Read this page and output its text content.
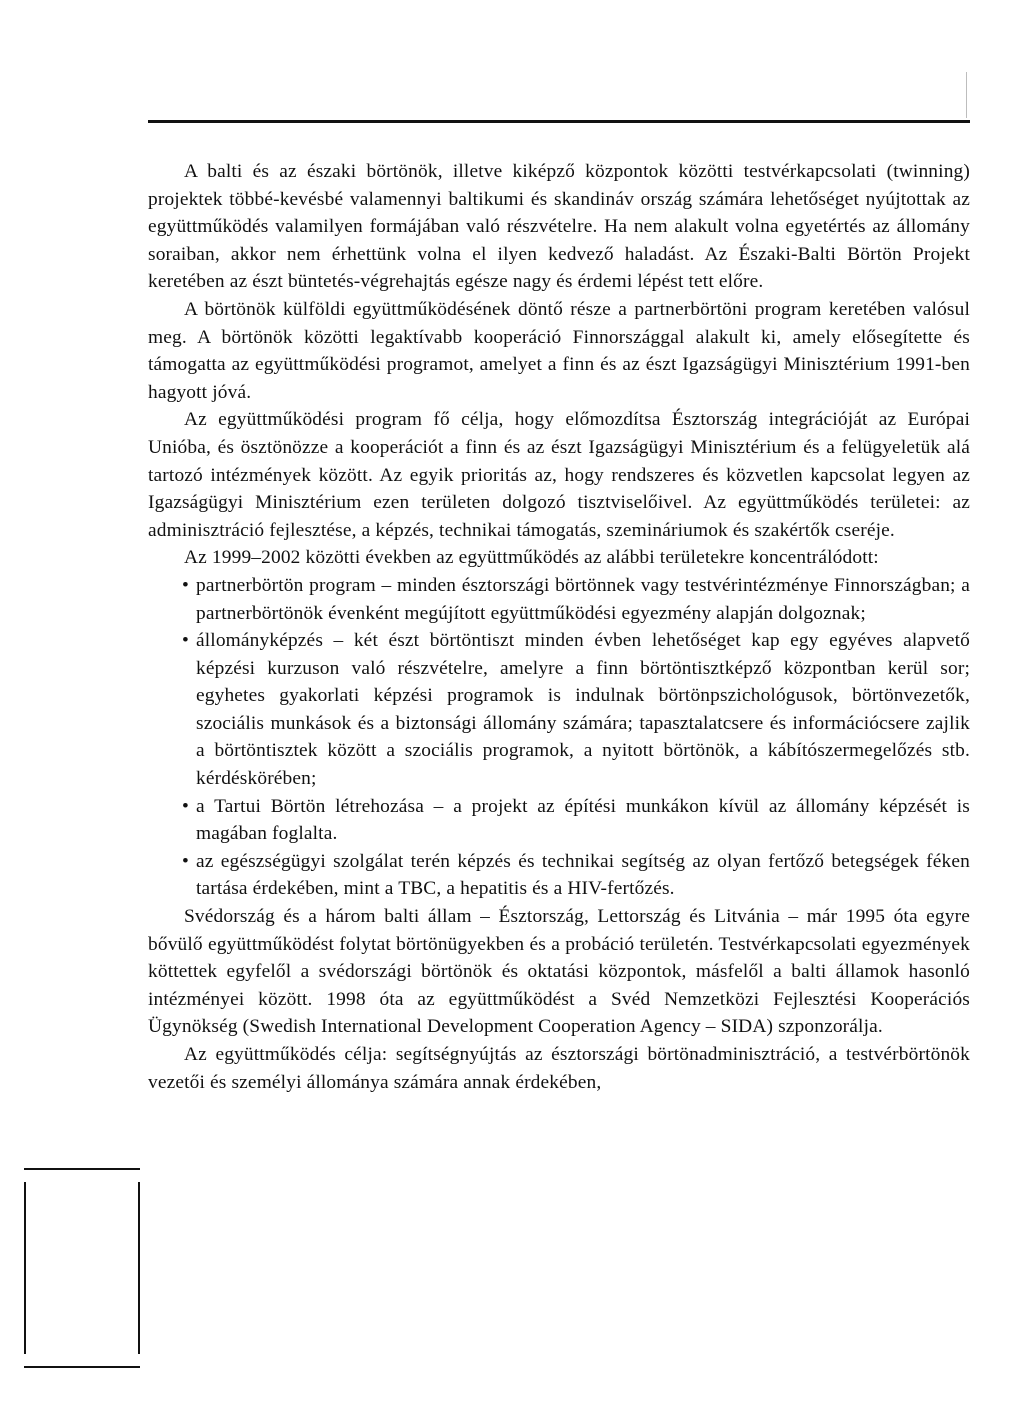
A balti és az északi börtönök, illetve kiképző központok közötti testvérkapcsolati (twinning) projektek többé-kevésbé valamennyi baltikumi és skandináv ország számára lehetőséget nyújtottak az együttműködés valamilyen formájában való részvételre. Ha nem alakult volna egyetértés az állomány soraiban, akkor nem érhettünk volna el ilyen kedvező haladást. Az Északi-Balti Börtön Projekt keretében az észt büntetés-végrehajtás egésze nagy és érdemi lépést tett előre.

A börtönök külföldi együttműködésének döntő része a partnerbörtöni program keretében valósul meg. A börtönök közötti legaktívabb kooperáció Finnországgal alakult ki, amely elősegítette és támogatta az együttműködési programot, amelyet a finn és az észt Igazságügyi Minisztérium 1991-ben hagyott jóvá.

Az együttműködési program fő célja, hogy előmozdítsa Észtország integrációját az Európai Unióba, és ösztönözze a kooperációt a finn és az észt Igazságügyi Minisztérium és a felügyeletük alá tartozó intézmények között. Az egyik prioritás az, hogy rendszeres és közvetlen kapcsolat legyen az Igazságügyi Minisztérium ezen területen dolgozó tisztviselőivel. Az együttműködés területei: az adminisztráció fejlesztése, a képzés, technikai támogatás, szemináriumok és szakértők cseréje.

Az 1999–2002 közötti években az együttműködés az alábbi területekre koncentrálódott:

• partnerbörtön program – minden észtországi börtönnek vagy testvérintézménye Finnországban; a partnerbörtönök évenként megújított együttműködési egyezmény alapján dolgoznak;
• állományképzés – két észt börtöntiszt minden évben lehetőséget kap egy egyéves alapvető képzési kurzuson való részvételre, amelyre a finn börtöntisztképző központban kerül sor; egyhetes gyakorlati képzési programok is indulnak börtönpszichológusok, börtönvezetők, szociális munkások és a biztonsági állomány számára; tapasztalatcsere és információcsere zajlik a börtöntisztek között a szociális programok, a nyitott börtönök, a kábítószermegelőzés stb. kérdéskörében;
• a Tartui Börtön létrehozása – a projekt az építési munkákon kívül az állomány képzését is magában foglalta.
• az egészségügyi szolgálat terén képzés és technikai segítség az olyan fertőző betegségek féken tartása érdekében, mint a TBC, a hepatitis és a HIV-fertőzés.

Svédország és a három balti állam – Észtország, Lettország és Litvánia – már 1995 óta egyre bővülő együttműködést folytat börtönügyekben és a probáció területén. Testvérkapcsolati egyezmények köttettek egyfelől a svédországi börtönök és oktatási központok, másfelől a balti államok hasonló intézményei között. 1998 óta az együttműködést a Svéd Nemzetközi Fejlesztési Kooperációs Ügynökség (Swedish International Development Cooperation Agency – SIDA) szponzorálja.

Az együttműködés célja: segítségnyújtás az észtországi börtönadminisztráció, a testvérbörtönök vezetői és személyi állománya számára annak érdekében,
